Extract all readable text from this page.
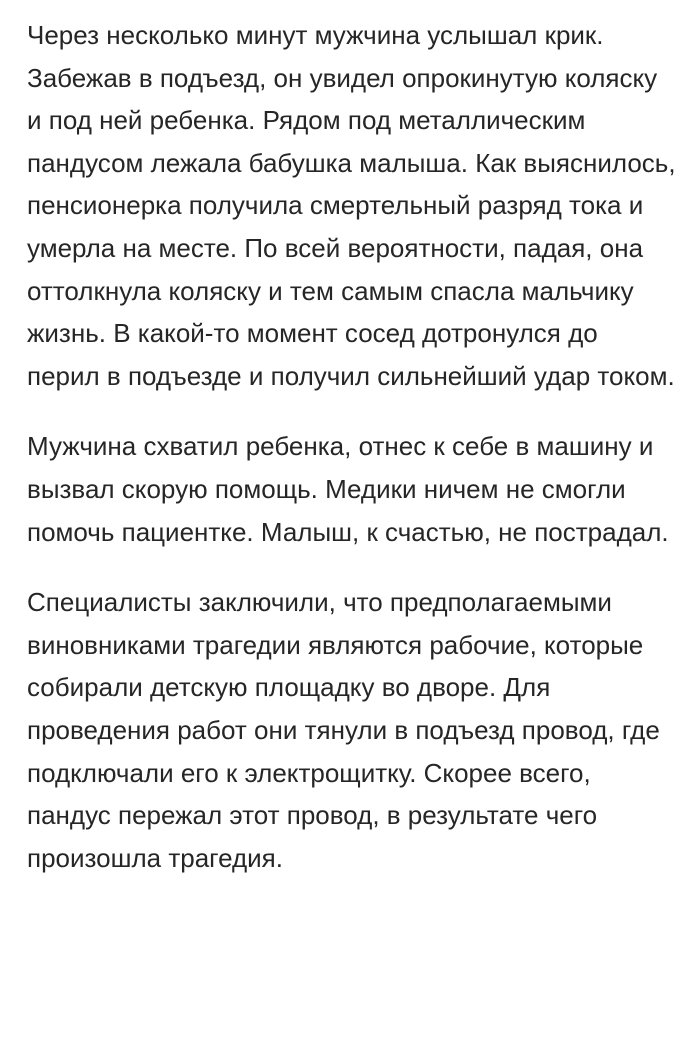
Через несколько минут мужчина услышал крик. Забежав в подъезд, он увидел опрокинутую коляску и под ней ребенка. Рядом под металлическим пандусом лежала бабушка малыша. Как выяснилось, пенсионерка получила смертельный разряд тока и умерла на месте. По всей вероятности, падая, она оттолкнула коляску и тем самым спасла мальчику жизнь. В какой-то момент сосед дотронулся до перил в подъезде и получил сильнейший удар током.

Мужчина схватил ребенка, отнес к себе в машину и вызвал скорую помощь. Медики ничем не смогли помочь пациентке. Малыш, к счастью, не пострадал.

Специалисты заключили, что предполагаемыми виновниками трагедии являются рабочие, которые собирали детскую площадку во дворе. Для проведения работ они тянули в подъезд провод, где подключали его к электрощитку. Скорее всего, пандус пережал этот провод, в результате чего произошла трагедия.
